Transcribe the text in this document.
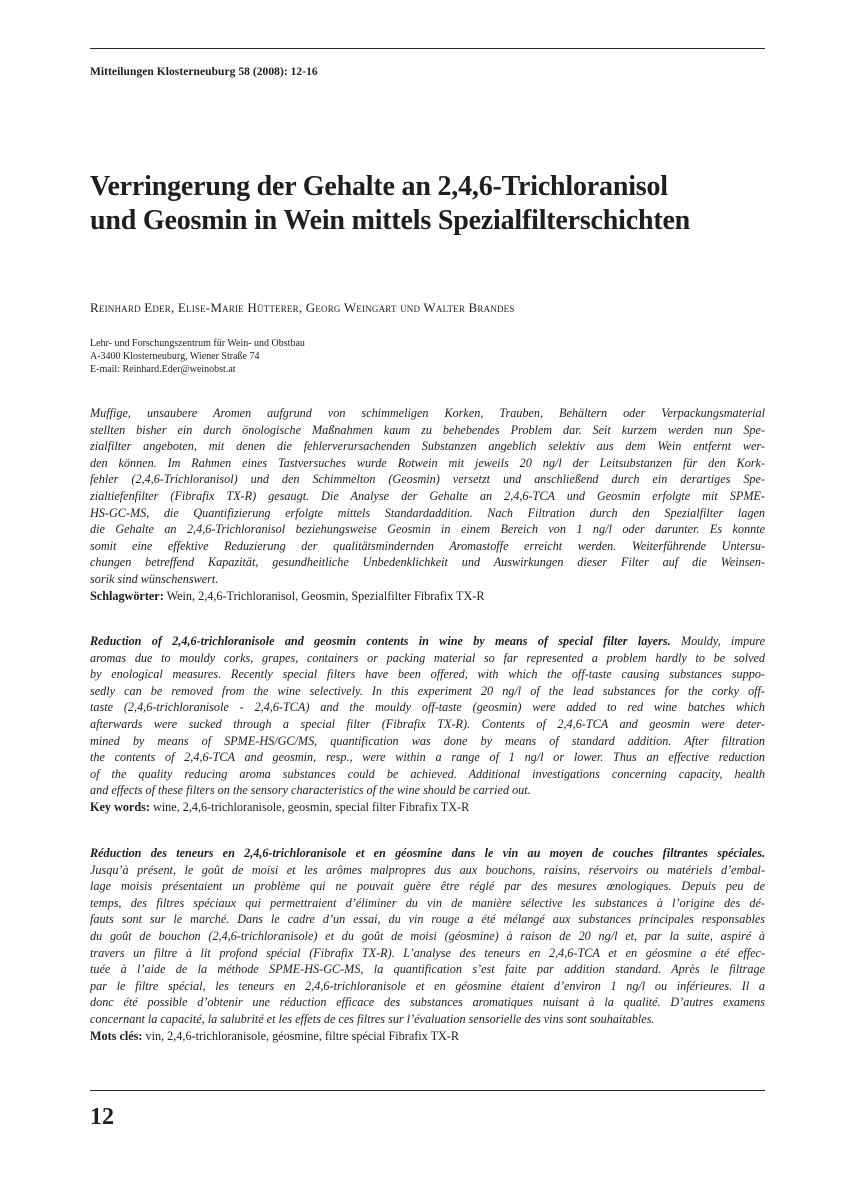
Mitteilungen Klosterneuburg 58 (2008): 12-16
Verringerung der Gehalte an 2,4,6-Trichloranisol
und Geosmin in Wein mittels Spezialfilterschichten
Reinhard Eder, Elise-Marie Hütterer, Georg Weingart und Walter Brandes
Lehr- und Forschungszentrum für Wein- und Obstbau
A-3400 Klosterneuburg, Wiener Straße 74
E-mail: Reinhard.Eder@weinobst.at

Muffige, unsaubere Aromen aufgrund von schimmeligen Korken, Trauben, Behältern oder Verpackungsmaterial
stellten bisher ein durch önologische Maßnahmen kaum zu behebendes Problem dar. Seit kurzem werden nun Spe-
zialfilter angeboten, mit denen die fehlerverursachenden Substanzen angeblich selektiv aus dem Wein entfernt wer-
den können. Im Rahmen eines Tastversuches wurde Rotwein mit jeweils 20 ng/l der Leitsubstanzen für den Kork-
fehler (2,4,6-Trichloranisol) und den Schimmelton (Geosmin) versetzt und anschließend durch ein derartiges Spe-
zialtiefenfilter (Fibrafix TX-R) gesaugt. Die Analyse der Gehalte an 2,4,6-TCA und Geosmin erfolgte mit SPME-
HS-GC-MS, die Quantifizierung erfolgte mittels Standardaddition. Nach Filtration durch den Spezialfilter lagen
die Gehalte an 2,4,6-Trichloranisol beziehungsweise Geosmin in einem Bereich von 1 ng/l oder darunter. Es konnte
somit eine effektive Reduzierung der qualitätsmindernden Aromastoffe erreicht werden. Weiterführende Untersu-
chungen betreffend Kapazität, gesundheitliche Unbedenklichkeit und Auswirkungen dieser Filter auf die Weinsen-
sorik sind wünschenswert.

Schlagwörter: Wein, 2,4,6-Trichloranisol, Geosmin, Spezialfilter Fibrafix TX-R

Reduction of 2,4,6-trichloranisole and geosmin contents in wine by means of special filter layers. Mouldy, impure
aromas due to mouldy corks, grapes, containers or packing material so far represented a problem hardly to be solved
by enological measures. Recently special filters have been offered, with which the off-taste causing substances suppo-
sedly can be removed from the wine selectively. In this experiment 20 ng/l of the lead substances for the corky off-
taste (2,4,6-trichloranisole - 2,4,6-TCA) and the mouldy off-taste (geosmin) were added to red wine batches which
afterwards were sucked through a special filter (Fibrafix TX-R). Contents of 2,4,6-TCA and geosmin were deter-
mined by means of SPME-HS/GC/MS, quantification was done by means of standard addition. After filtration
the contents of 2,4,6-TCA and geosmin, resp., were within a range of 1 ng/l or lower. Thus an effective reduction
of the quality reducing aroma substances could be achieved. Additional investigations concerning capacity, health
and effects of these filters on the sensory characteristics of the wine should be carried out.

Key words: wine, 2,4,6-trichloranisole, geosmin, special filter Fibrafix TX-R

Réduction des teneurs en 2,4,6-trichloranisole et en géosmine dans le vin au moyen de couches filtrantes spéciales.
Jusqu’à présent, le goût de moisi et les arômes malpropres dus aux bouchons, raisins, réservoirs ou matériels d’embal-
lage moisis présentaient un problème qui ne pouvait guère être réglé par des mesures œnologiques. Depuis peu de
temps, des filtres spéciaux qui permettraient d’éliminer du vin de manière sélective les substances à l’origine des dé-
fauts sont sur le marché. Dans le cadre d’un essai, du vin rouge a été mélangé aux substances principales responsables
du goût de bouchon (2,4,6-trichloranisole) et du goût de moisi (géosmine) à raison de 20 ng/l et, par la suite, aspiré à
travers un filtre à lit profond spécial (Fibrafix TX-R). L’analyse des teneurs en 2,4,6-TCA et en géosmine a été effec-
tuée à l’aide de la méthode SPME-HS-GC-MS, la quantification s’est faite par addition standard. Après le filtrage
par le filtre spécial, les teneurs en 2,4,6-trichloranisole et en géosmine étaient d’environ 1 ng/l ou inférieures. Il a
donc été possible d’obtenir une réduction efficace des substances aromatiques nuisant à la qualité. D’autres examens
concernant la capacité, la salubrité et les effets de ces filtres sur l’évaluation sensorielle des vins sont souhaitables.

Mots clés: vin, 2,4,6-trichloranisole, géosmine, filtre spécial Fibrafix TX-R
12
